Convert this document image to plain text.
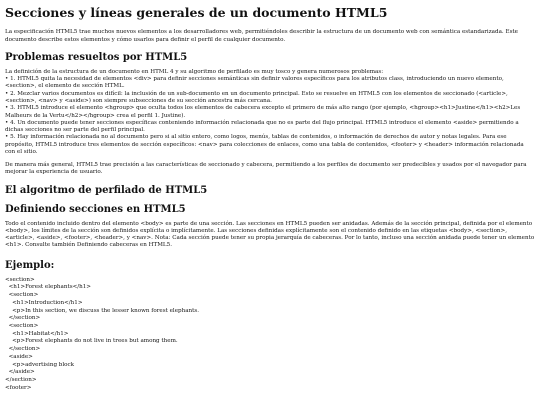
Secciones y líneas generales de un documento HTML5

La especificación HTML5 trae muchos nuevos elementos a los desarrolladores web, permitiéndoles describir la estructura de un documento web con semántica estandarizada. Este documento describe estos elementos y cómo usarlos para definir el perfil de cualquier documento.

Problemas resueltos por HTML5

La definición de la estructura de un documento en HTML 4 y su algoritmo de perfilado es muy tosco y genera numerosos problemas:

• 1. HTML5 quita la necesidad de elementos <div> para definir secciones semánticas sin definir valores específicos para los atributos class, introduciendo un nuevo elemento, <section>, el elemento de sección HTML.
• 2. Mezclar varios documentos es difícil: la inclusión de un sub-documento en un documento principal. Esto se resuelve en HTML5 con los elementos de seccionado (<article>, <section>, <nav> y <aside>) son siempre subsecciones de su sección ancestra más cercana.
• 3. HTML5 introduce el elemento <hgroup> que oculta todos los elementos de cabecera excepto el primero de más alto rango (por ejemplo, <hgroup><h1>Justine</h1><h2>Les Malheurs de la Vertu</h2></hgroup> crea el perfil 1. Justine).
• 4. Un documento puede tener secciones específicas conteniendo información relacionada que no es parte del flujo principal. HTML5 introduce el elemento <aside> permitiendo a dichas secciones no ser parte del perfil principal.
• 5. Hay información relacionada no al documento pero si al sitio entero, como logos, menús, tablas de contenidos, o información de derechos de autor y notas legales. Para ese propósito, HTML5 introduce tres elementos de sección específicos: <nav> para colecciones de enlaces, como una tabla de contenidos, <footer> y <header> información relacionada con el sitio.

De manera más general, HTML5 trae precisión a las características de seccionado y cabecera, permitiendo a los perfiles de documento ser predecibles y usados por el navegador para mejorar la experiencia de usuario.

El algoritmo de perfilado de HTML5
Definiendo secciones en HTML5

Todo el contenido incluido dentro del elemento <body> es parte de una sección. Las secciones en HTML5 pueden ser anidadas. Además de la sección principal, definida por el elemento <body>, los límites de la sección son definidos explícita o implícitamente. Las secciones definidas explícitamente son el contenido definido en las etiquetas <body>, <section>, <article>, <aside>, <footer>, <header>, y <nav>. Nota: Cada sección puede tener su propia jerarquía de cabeceras. Por lo tanto, incluso una sección anidada puede tener un elemento <h1>. Consulte también Definiendo cabeceras en HTML5.

Ejemplo:
<section>
<h1>Forest elephants</h1>
<section>
<h1>Introduction</h1>
<p>In this section, we discuss the lesser known forest elephants.
</section>
<section>
<h1>Habitat</h1>
<p>Forest elephants do not live in trees but among them.
</section>
<aside>
<p>advertising block
</aside>
</section>
<footer>
